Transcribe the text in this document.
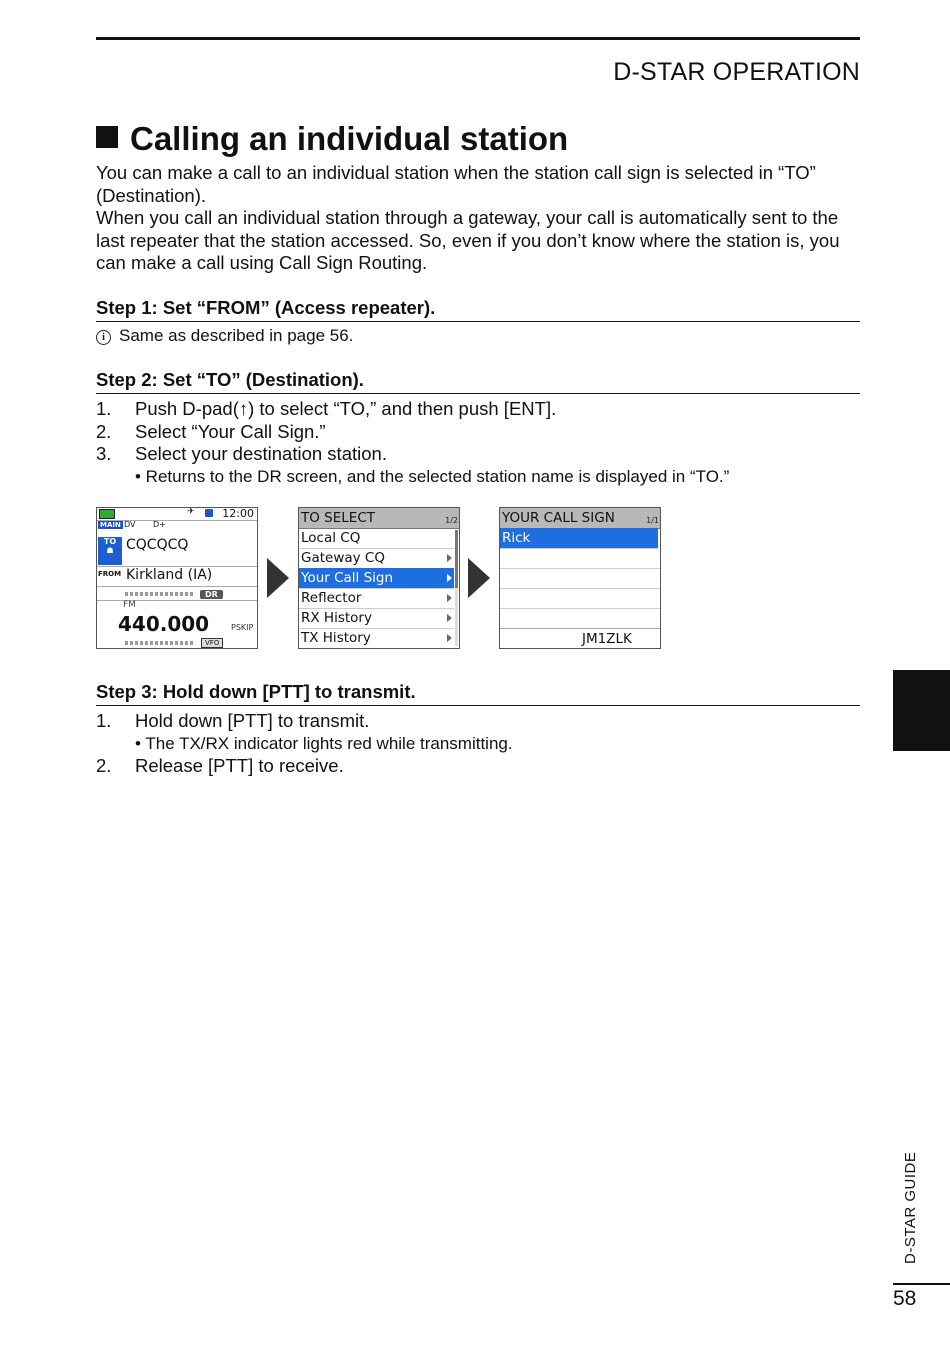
D-STAR OPERATION
Calling an individual station

You can make a call to an individual station when the station call sign is selected in “TO” (Destination).

When you call an individual station through a gateway, your call is automatically sent to the last repeater that the station accessed. So, even if you don’t know where the station is, you can make a call using Call Sign Routing.

Step 1: Set “FROM” (Access repeater).
i Same as described in page 56.
Step 2: Set “TO” (Destination).
1. Push D-pad(↑) to select “TO,” and then push [ENT].
2. Select “Your Call Sign.”
3. Select your destination station.
• Returns to the DR screen, and the selected station name is displayed in “TO.”
✈	12:00
MAIN DV D+
TO
☗ CQCQCQ
FROM Kirkland (IA)
DR
FM
440.000	PSKIP
VFO
TO SELECT	1/2
Local CQ
Gateway CQ
Your Call Sign
Reflector
RX History
TX History
YOUR CALL SIGN	1/1
Rick
JM1ZLK
Step 3: Hold down [PTT] to transmit.
1. Hold down [PTT] to transmit.
• The TX/RX indicator lights red while transmitting.
2. Release [PTT] to receive.
D-STAR GUIDE
58
